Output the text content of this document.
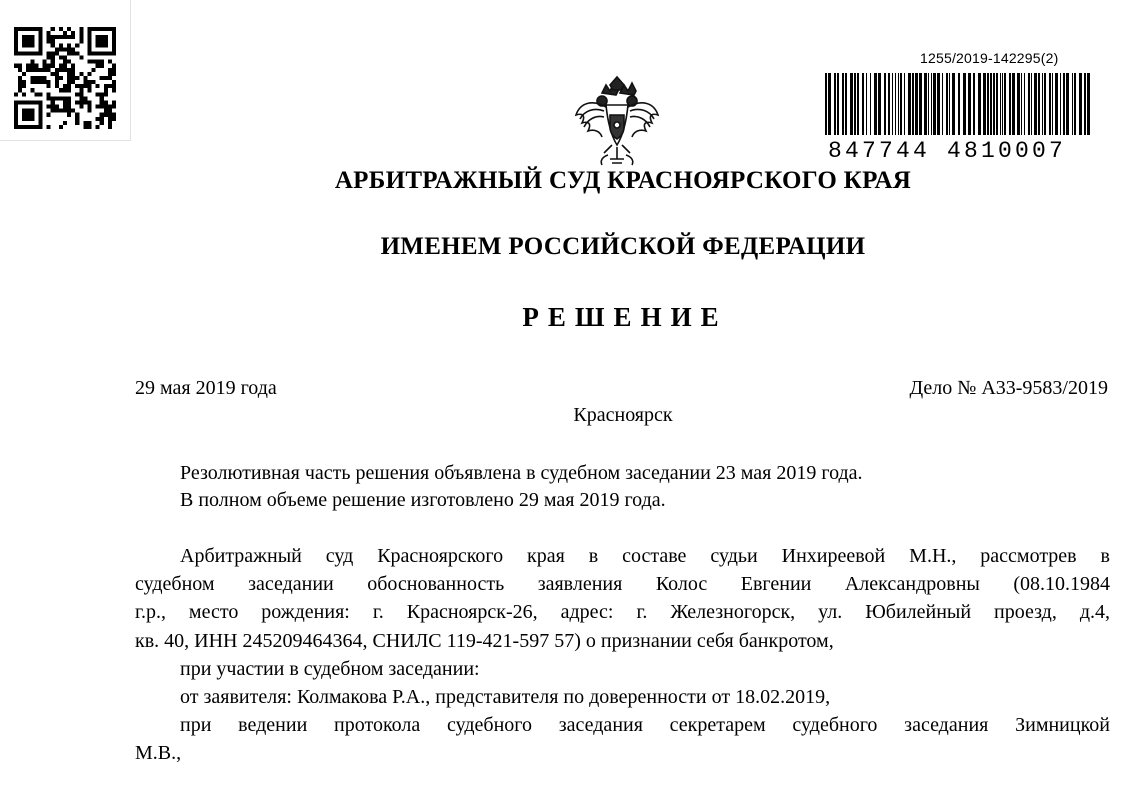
1255/2019-142295(2)
847744 4810007
АРБИТРАЖНЫЙ СУД КРАСНОЯРСКОГО КРАЯ
ИМЕНЕМ РОССИЙСКОЙ ФЕДЕРАЦИИ
РЕШЕНИЕ
29 мая 2019 года	Дело № А33-9583/2019
Красноярск
Резолютивная часть решения объявлена в судебном заседании 23 мая 2019 года.
В полном объеме решение изготовлено 29 мая 2019 года.
Арбитражный суд Красноярского края в составе судьи Инхиреевой М.Н., рассмотрев в
судебном заседании обоснованность заявления Колос Евгении Александровны (08.10.1984
г.р., место рождения: г. Красноярск-26, адрес: г. Железногорск, ул. Юбилейный проезд, д.4,
кв. 40, ИНН 245209464364, СНИЛС 119-421-597 57) о признании себя банкротом,
при участии в судебном заседании:
от заявителя: Колмакова Р.А., представителя по доверенности от 18.02.2019,
при ведении протокола судебного заседания секретарем судебного заседания Зимницкой
М.В.,
